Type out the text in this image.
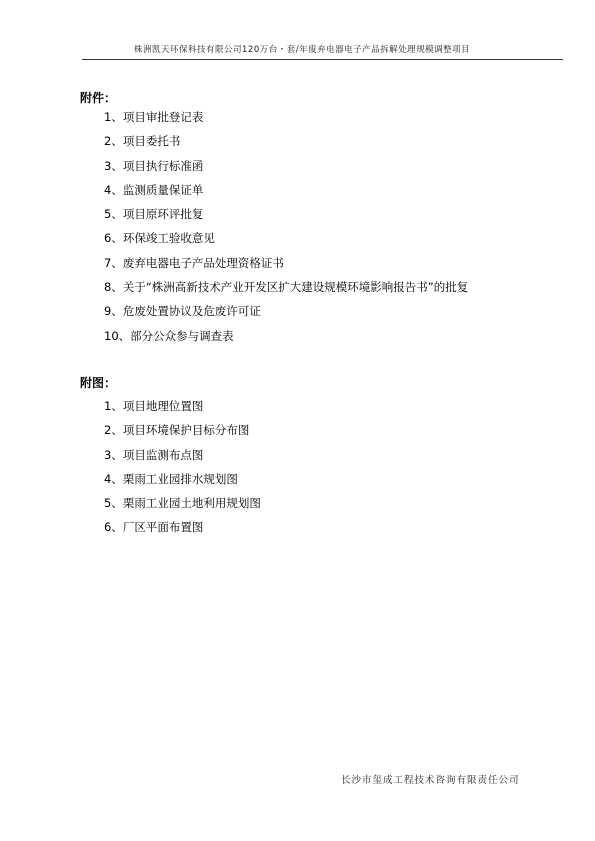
株洲凯天环保科技有限公司120万台・套/年废弃电器电子产品拆解处理规模调整项目
附件：
1、项目审批登记表
2、项目委托书
3、项目执行标准函
4、监测质量保证单
5、项目原环评批复
6、环保竣工验收意见
7、废弃电器电子产品处理资格证书
8、关于“株洲高新技术产业开发区扩大建设规模环境影响报告书”的批复
9、危废处置协议及危废许可证
10、部分公众参与调查表
附图：
1、项目地理位置图
2、项目环境保护目标分布图
3、项目监测布点图
4、栗雨工业园排水规划图
5、栗雨工业园土地利用规划图
6、厂区平面布置图
长沙市玺成工程技术咨询有限责任公司
